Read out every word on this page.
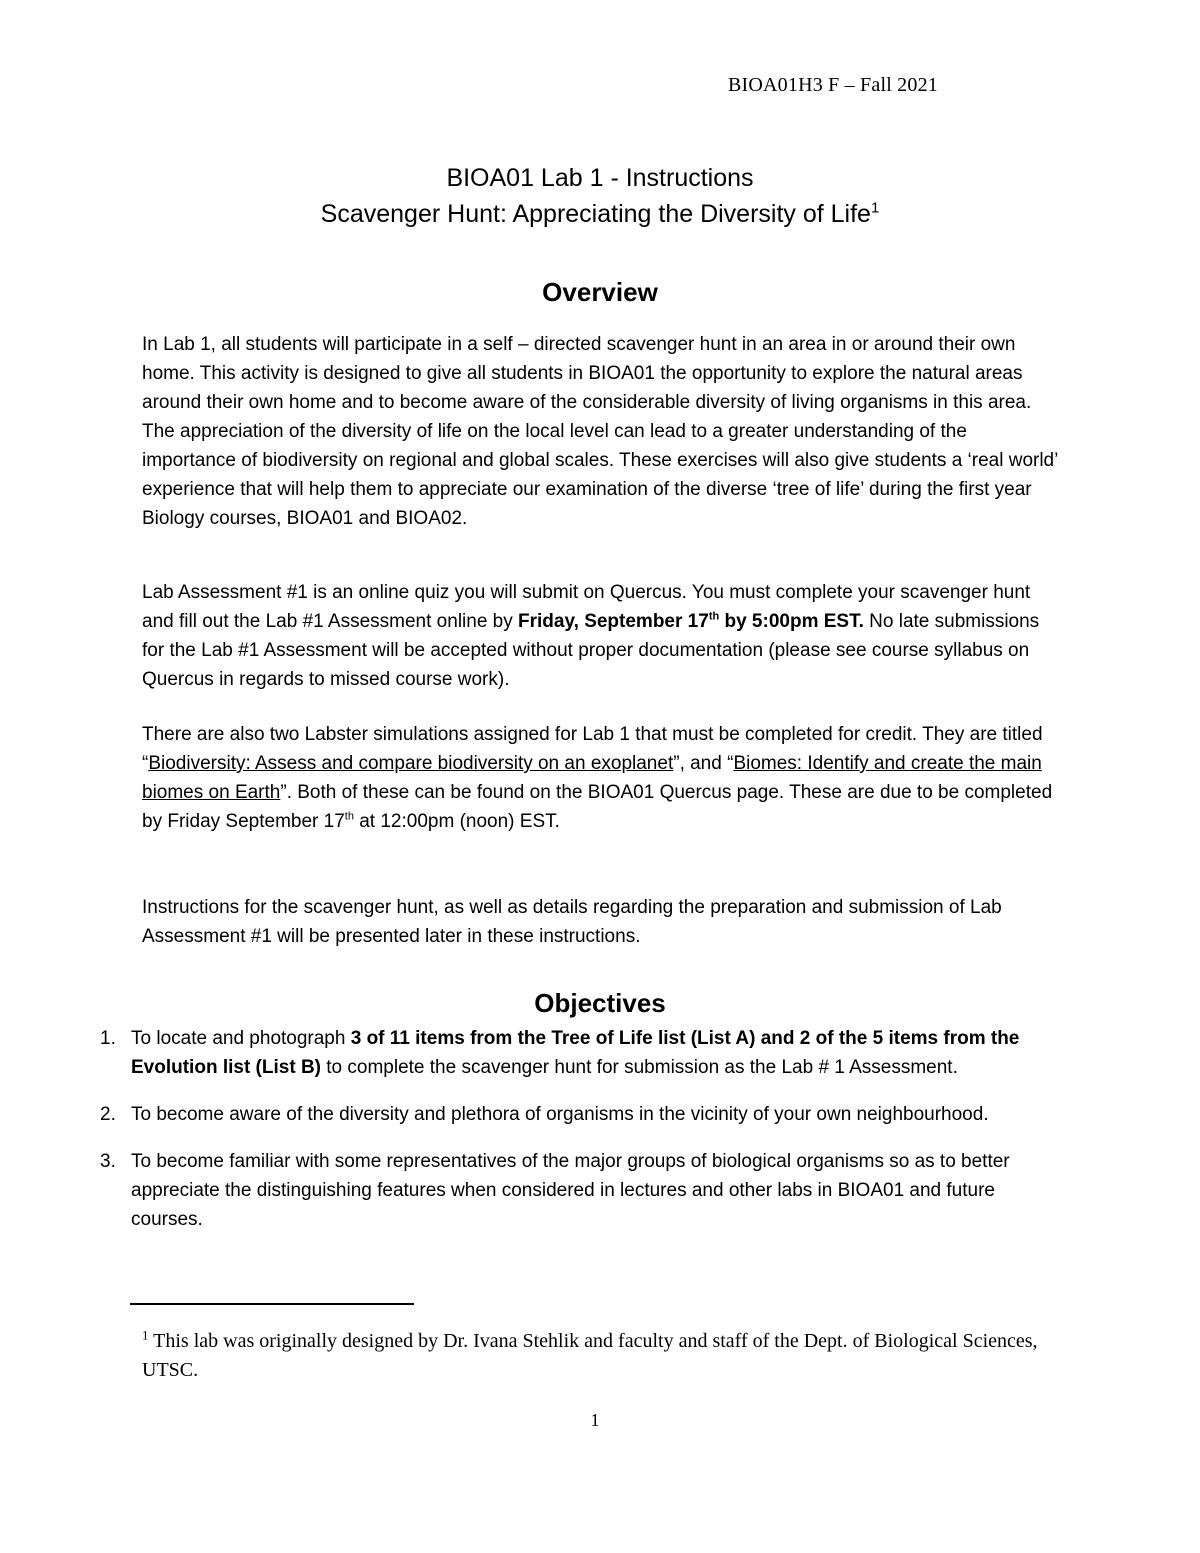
BIOA01H3 F – Fall 2021

BIOA01 Lab 1 - Instructions

Scavenger Hunt: Appreciating the Diversity of Life$^1$

Overview

In Lab 1, all students will participate in a self – directed scavenger hunt in an area in or around their own home. This activity is designed to give all students in BIOA01 the opportunity to explore the natural areas around their own home and to become aware of the considerable diversity of living organisms in this area. The appreciation of the diversity of life on the local level can lead to a greater understanding of the importance of biodiversity on regional and global scales. These exercises will also give students a ‘real world’ experience that will help them to appreciate our examination of the diverse ‘tree of life’ during the first year Biology courses, BIOA01 and BIOA02.

Lab Assessment #1 is an online quiz you will submit on Quercus. You must complete your scavenger hunt and fill out the Lab #1 Assessment online by Friday, September 17th by 5:00pm EST. No late submissions for the Lab #1 Assessment will be accepted without proper documentation (please see course syllabus on Quercus in regards to missed course work).

There are also two Labster simulations assigned for Lab 1 that must be completed for credit. They are titled “Biodiversity: Assess and compare biodiversity on an exoplanet”, and “Biomes: Identify and create the main biomes on Earth”. Both of these can be found on the BIOA01 Quercus page. These are due to be completed by Friday September 17th at 12:00pm (noon) EST.

Instructions for the scavenger hunt, as well as details regarding the preparation and submission of Lab Assessment #1 will be presented later in these instructions.

Objectives
1. To locate and photograph 3 of 11 items from the Tree of Life list (List A) and 2 of the 5 items from the Evolution list (List B) to complete the scavenger hunt for submission as the Lab # 1 Assessment.
2. To become aware of the diversity and plethora of organisms in the vicinity of your own neighbourhood.
3. To become familiar with some representatives of the major groups of biological organisms so as to better appreciate the distinguishing features when considered in lectures and other labs in BIOA01 and future courses.

$^1$ This lab was originally designed by Dr. Ivana Stehlik and faculty and staff of the Dept. of Biological Sciences, UTSC.

1
